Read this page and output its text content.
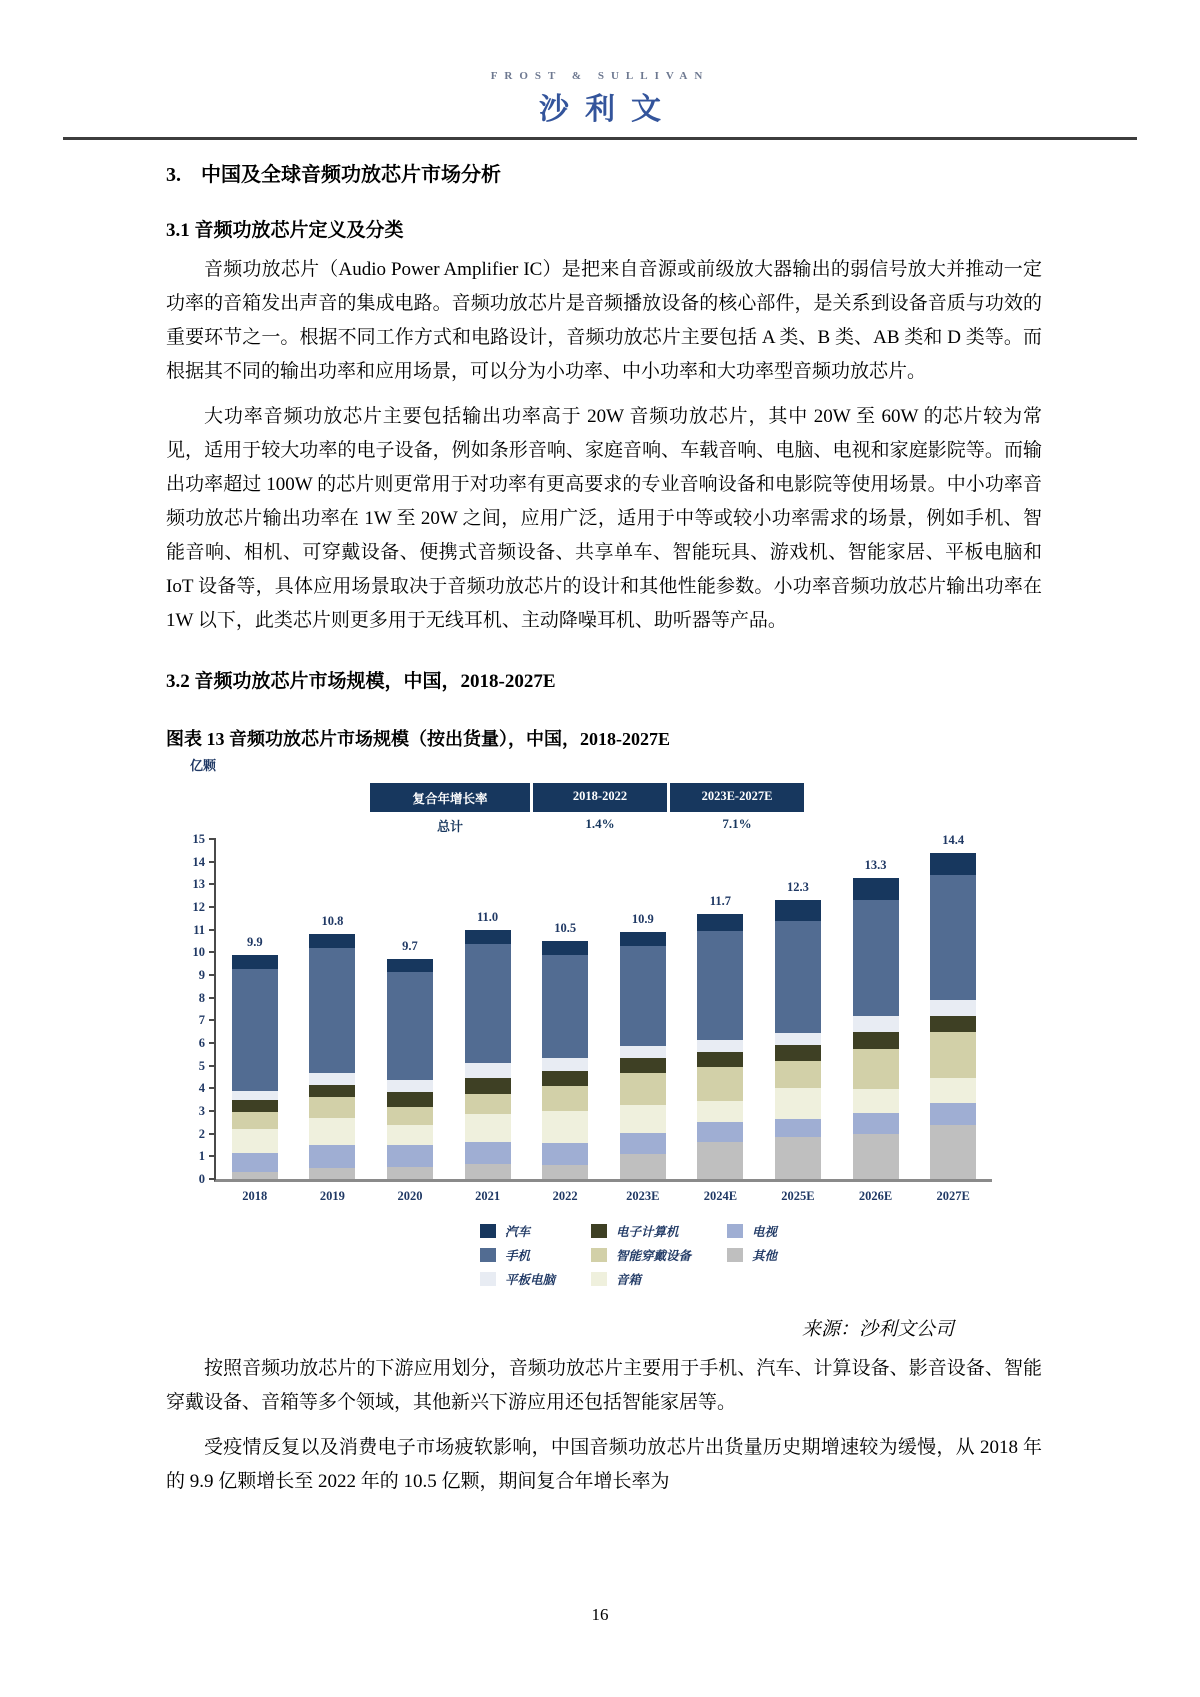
FROST & SULLIVAN
沙利文
3.　中国及全球音频功放芯片市场分析
3.1 音频功放芯片定义及分类

音频功放芯片（Audio Power Amplifier IC）是把来自音源或前级放大器输出的弱信号放大并推动一定功率的音箱发出声音的集成电路。音频功放芯片是音频播放设备的核心部件，是关系到设备音质与功效的重要环节之一。根据不同工作方式和电路设计，音频功放芯片主要包括 A 类、B 类、AB 类和 D 类等。而根据其不同的输出功率和应用场景，可以分为小功率、中小功率和大功率型音频功放芯片。

大功率音频功放芯片主要包括输出功率高于 20W 音频功放芯片，其中 20W 至 60W 的芯片较为常见，适用于较大功率的电子设备，例如条形音响、家庭音响、车载音响、电脑、电视和家庭影院等。而输出功率超过 100W 的芯片则更常用于对功率有更高要求的专业音响设备和电影院等使用场景。中小功率音频功放芯片输出功率在 1W 至 20W 之间，应用广泛，适用于中等或较小功率需求的场景，例如手机、智能音响、相机、可穿戴设备、便携式音频设备、共享单车、智能玩具、游戏机、智能家居、平板电脑和 IoT 设备等，具体应用场景取决于音频功放芯片的设计和其他性能参数。小功率音频功放芯片输出功率在 1W 以下，此类芯片则更多用于无线耳机、主动降噪耳机、助听器等产品。

3.2 音频功放芯片市场规模，中国，2018-2027E
图表 13 音频功放芯片市场规模（按出货量），中国，2018-2027E
亿颗
复合年增长率	2018-2022	2023E-2027E
总计	1.4%	7.1%
0
1
2
3
4
5
6
7
8
9
10
11
12
13
14
15
9.9
10.8
9.7
11.0
10.5
10.9
11.7
12.3
13.3
14.4
2018	2019	2020	2021	2022	2023E	2024E	2025E	2026E	2027E
汽车
手机
平板电脑
电子计算机
智能穿戴设备
音箱
电视
其他
来源：沙利文公司

按照音频功放芯片的下游应用划分，音频功放芯片主要用于手机、汽车、计算设备、影音设备、智能穿戴设备、音箱等多个领域，其他新兴下游应用还包括智能家居等。

受疫情反复以及消费电子市场疲软影响，中国音频功放芯片出货量历史期增速较为缓慢，从 2018 年的 9.9 亿颗增长至 2022 年的 10.5 亿颗，期间复合年增长率为

16
